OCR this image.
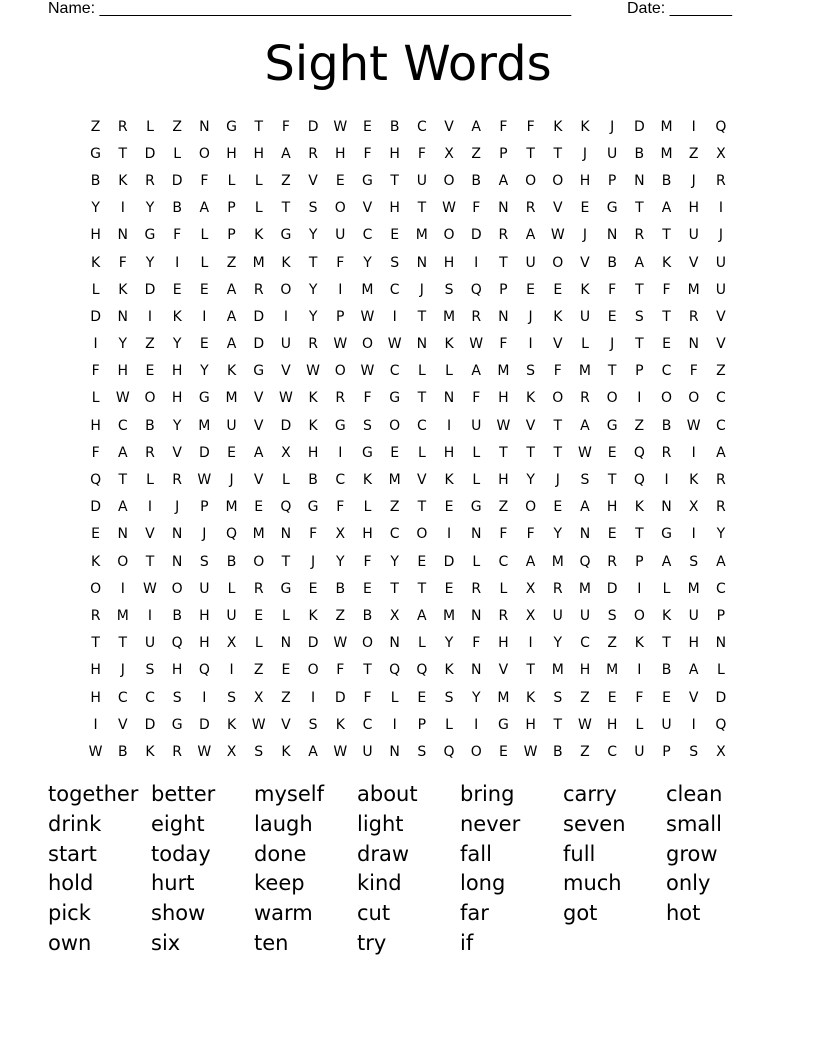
Name: _____________________________________________________

	Date: _______

Sight Words
Z	R	L	Z	N	G	T	F	D	W	E	B	C	V	A	F	F	K	K	J	D	M	I	Q
G	T	D	L	O	H	H	A	R	H	F	H	F	X	Z	P	T	T	J	U	B	M	Z	X
B	K	R	D	F	L	L	Z	V	E	G	T	U	O	B	A	O	O	H	P	N	B	J	R
Y	I	Y	B	A	P	L	T	S	O	V	H	T	W	F	N	R	V	E	G	T	A	H	I
H	N	G	F	L	P	K	G	Y	U	C	E	M	O	D	R	A	W	J	N	R	T	U	J
K	F	Y	I	L	Z	M	K	T	F	Y	S	N	H	I	T	U	O	V	B	A	K	V	U
L	K	D	E	E	A	R	O	Y	I	M	C	J	S	Q	P	E	E	K	F	T	F	M	U
D	N	I	K	I	A	D	I	Y	P	W	I	T	M	R	N	J	K	U	E	S	T	R	V
I	Y	Z	Y	E	A	D	U	R	W	O	W	N	K	W	F	I	V	L	J	T	E	N	V
F	H	E	H	Y	K	G	V	W	O	W	C	L	L	A	M	S	F	M	T	P	C	F	Z
L	W	O	H	G	M	V	W	K	R	F	G	T	N	F	H	K	O	R	O	I	O	O	C
H	C	B	Y	M	U	V	D	K	G	S	O	C	I	U	W	V	T	A	G	Z	B	W	C
F	A	R	V	D	E	A	X	H	I	G	E	L	H	L	T	T	T	W	E	Q	R	I	A
Q	T	L	R	W	J	V	L	B	C	K	M	V	K	L	H	Y	J	S	T	Q	I	K	R
D	A	I	J	P	M	E	Q	G	F	L	Z	T	E	G	Z	O	E	A	H	K	N	X	R
E	N	V	N	J	Q	M	N	F	X	H	C	O	I	N	F	F	Y	N	E	T	G	I	Y
K	O	T	N	S	B	O	T	J	Y	F	Y	E	D	L	C	A	M	Q	R	P	A	S	A
O	I	W	O	U	L	R	G	E	B	E	T	T	E	R	L	X	R	M	D	I	L	M	C
R	M	I	B	H	U	E	L	K	Z	B	X	A	M	N	R	X	U	U	S	O	K	U	P
T	T	U	Q	H	X	L	N	D	W	O	N	L	Y	F	H	I	Y	C	Z	K	T	H	N
H	J	S	H	Q	I	Z	E	O	F	T	Q	Q	K	N	V	T	M	H	M	I	B	A	L
H	C	C	S	I	S	X	Z	I	D	F	L	E	S	Y	M	K	S	Z	E	F	E	V	D
I	V	D	G	D	K	W	V	S	K	C	I	P	L	I	G	H	T	W	H	L	U	I	Q
W	B	K	R	W	X	S	K	A	W	U	N	S	Q	O	E	W	B	Z	C	U	P	S	X
together better	myself	about	bring	carry	clean
drink	eight	laugh	light	never	seven	small
start	today	done	draw	fall	full	grow
hold	hurt	keep	kind	long	much	only
pick	show	warm	cut	far	got	hot
own	six	ten	try	if
